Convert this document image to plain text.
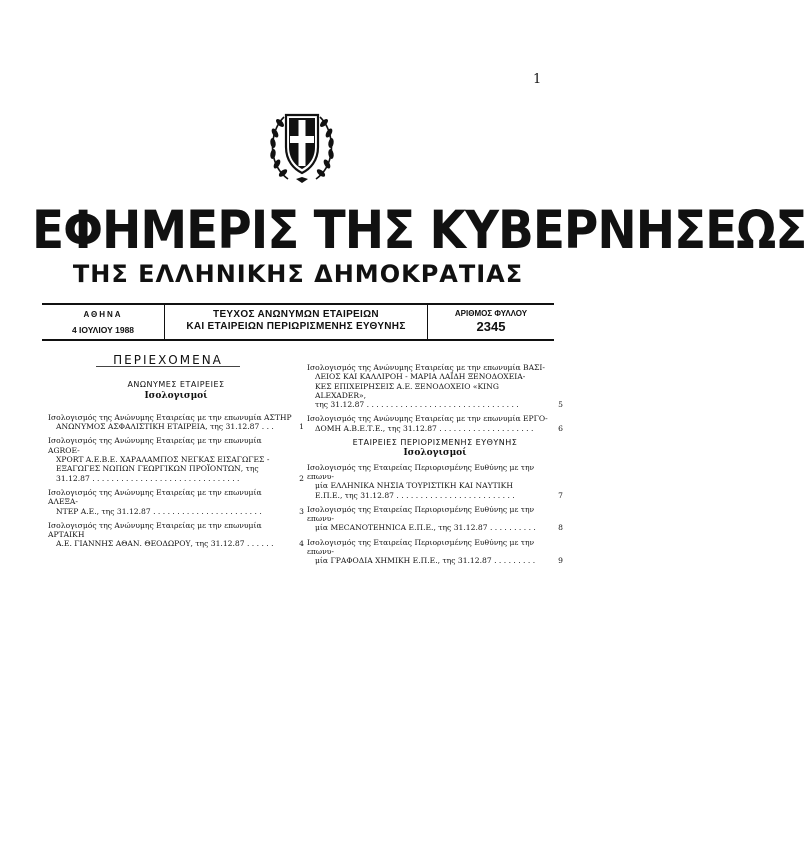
1
ΕΦΗΜΕΡΙΣ ΤΗΣ ΚΥΒΕΡΝΗΣΕΩΣ
ΤΗΣ ΕΛΛΗΝΙΚΗΣ ΔΗΜΟΚΡΑΤΙΑΣ
ΑΘΗΝΑ
4 ΙΟΥΛΙΟΥ 1988
ΤΕΥΧΟΣ ΑΝΩΝΥΜΩΝ ΕΤΑΙΡΕΙΩΝ
ΚΑΙ ΕΤΑΙΡΕΙΩΝ ΠΕΡΙΩΡΙΣΜΕΝΗΣ ΕΥΘΥΝΗΣ
ΑΡΙΘΜΟΣ ΦΥΛΛΟΥ
2345
ΠΕΡΙΕΧΟΜΕΝΑ
ΑΝΩΝΥΜΕΣ ΕΤΑΙΡΕΙΕΣ
Ισολογισμοί
Ισολογισμός της Ανώνυμης Εταιρείας με την επωνυμία ΑΣΤΗΡ
ΑΝΩΝΥΜΟΣ ΑΣΦΑΛΙΣΤΙΚΗ ΕΤΑΙΡΕΙΑ, της 31.12.87 . . .	1
Ισολογισμός της Ανώνυμης Εταιρείας με την επωνυμία AGROE-
XPORT Α.Ε.Β.Ε. ΧΑΡΑΛΑΜΠΟΣ ΝΕΓΚΑΣ ΕΙΣΑΓΩΓΕΣ -
ΕΞΑΓΩΓΕΣ ΝΩΠΩΝ ΓΕΩΡΓΙΚΩΝ ΠΡΟΪΟΝΤΩΝ, της 31.12.87 . . . . . . . . . . . . . . . . . . . . . . . . . . . . . . .	2
Ισολογισμός της Ανώνυμης Εταιρείας με την επωνυμία ΑΛΕΞΑ-
ΝΤΕΡ Α.Ε., της 31.12.87 . . . . . . . . . . . . . . . . . . . . . . .	3
Ισολογισμός της Ανώνυμης Εταιρείας με την επωνυμία ΑΡΤΑΙΚΗ
Α.Ε. ΓΙΑΝΝΗΣ ΑΘΑΝ. ΘΕΟΔΩΡΟΥ, της 31.12.87 . . . . . .	4
Ισολογισμός της Ανώνυμης Εταιρείας με την επωνυμία ΒΑΣΙ-
ΛΕΙΟΣ ΚΑΙ ΚΑΛΛΙΡΟΗ - ΜΑΡΙΑ ΛΑΪΔΗ ΞΕΝΟΔΟΧΕΙΑ-
ΚΕΣ ΕΠΙΧΕΙΡΗΣΕΙΣ Α.Ε. ΞΕΝΟΔΟΧΕΙΟ «KING ALEXADER»,
της 31.12.87 . . . . . . . . . . . . . . . . . . . . . . . . . . . . . . . .	5
Ισολογισμός της Ανώνυμης Εταιρείας με την επωνυμία ΕΡΓΟ-
ΔΟΜΗ Α.Β.Ε.Τ.Ε., της 31.12.87 . . . . . . . . . . . . . . . . . . . .	6
ΕΤΑΙΡΕΙΕΣ ΠΕΡΙΟΡΙΣΜΕΝΗΣ ΕΥΘΥΝΗΣ
Ισολογισμοί
Ισολογισμός της Εταιρείας Περιορισμένης Ευθύνης με την επωνυ-
μία ΕΛΛΗΝΙΚΑ ΝΗΣΙΑ ΤΟΥΡΙΣΤΙΚΗ ΚΑΙ ΝΑΥΤΙΚΗ
Ε.Π.Ε., της 31.12.87 . . . . . . . . . . . . . . . . . . . . . . . . .	7
Ισολογισμός της Εταιρείας Περιορισμένης Ευθύνης με την επωνυ-
μία MECANOTEHNICA Ε.Π.Ε., της 31.12.87 . . . . . . . . . .	8
Ισολογισμός της Εταιρείας Περιορισμένης Ευθύνης με την επωνυ-
μία ΓΡΑΦΟΔΙΑ ΧΗΜΙΚΗ Ε.Π.Ε., της 31.12.87 . . . . . . . . .	9
